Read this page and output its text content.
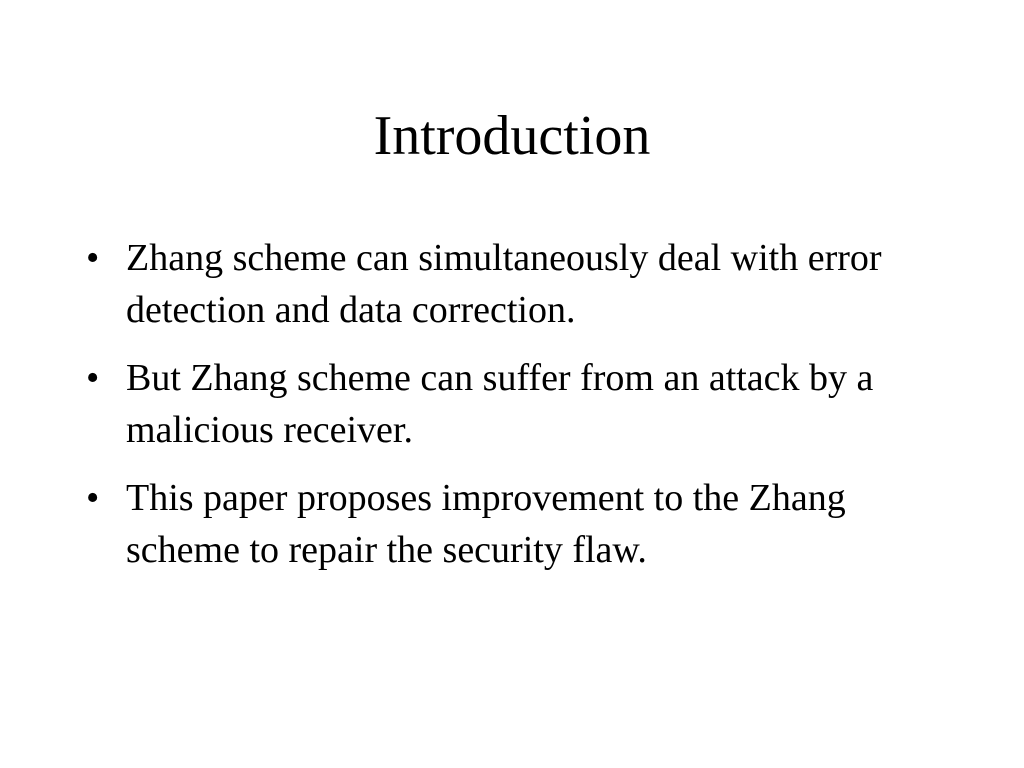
Introduction
• Zhang scheme can simultaneously deal with error detection and data correction.
• But Zhang scheme can suffer from an attack by a malicious receiver.
• This paper proposes improvement to the Zhang scheme to repair the security flaw.
